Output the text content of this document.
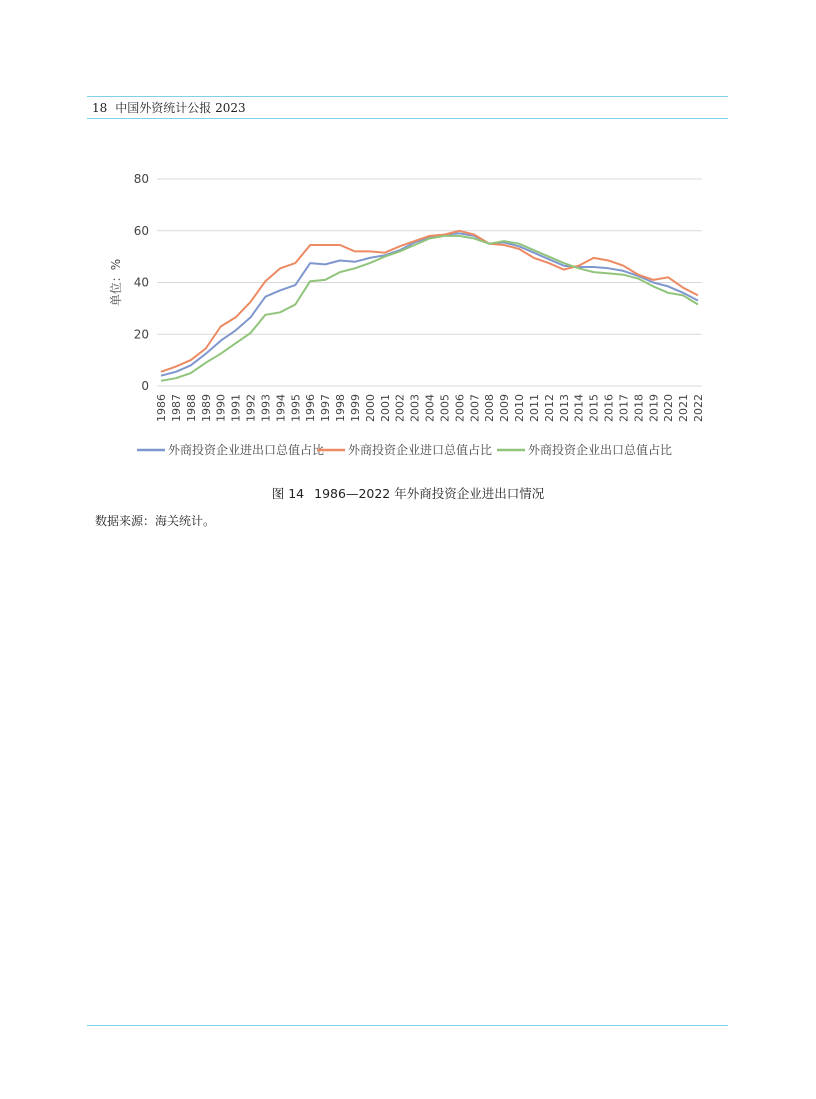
18 中国外资统计公报 2023
0
20
40
60
80
单位：%
1986 1987 1988 1989 1990 1991 1992 1993 1994 1995 1996 1997 1998 1999 2000 2001 2002 2003 2004 2005 2006 2007 2008 2009 2010 2011 2012 2013 2014 2015 2016 2017 2018 2019 2020 2021 2022
外商投资企业进出口总值占比 外商投资企业进口总值占比	外商投资企业出口总值占比
图 14 1986—2022 年外商投资企业进出口情况
数据来源：海关统计。
